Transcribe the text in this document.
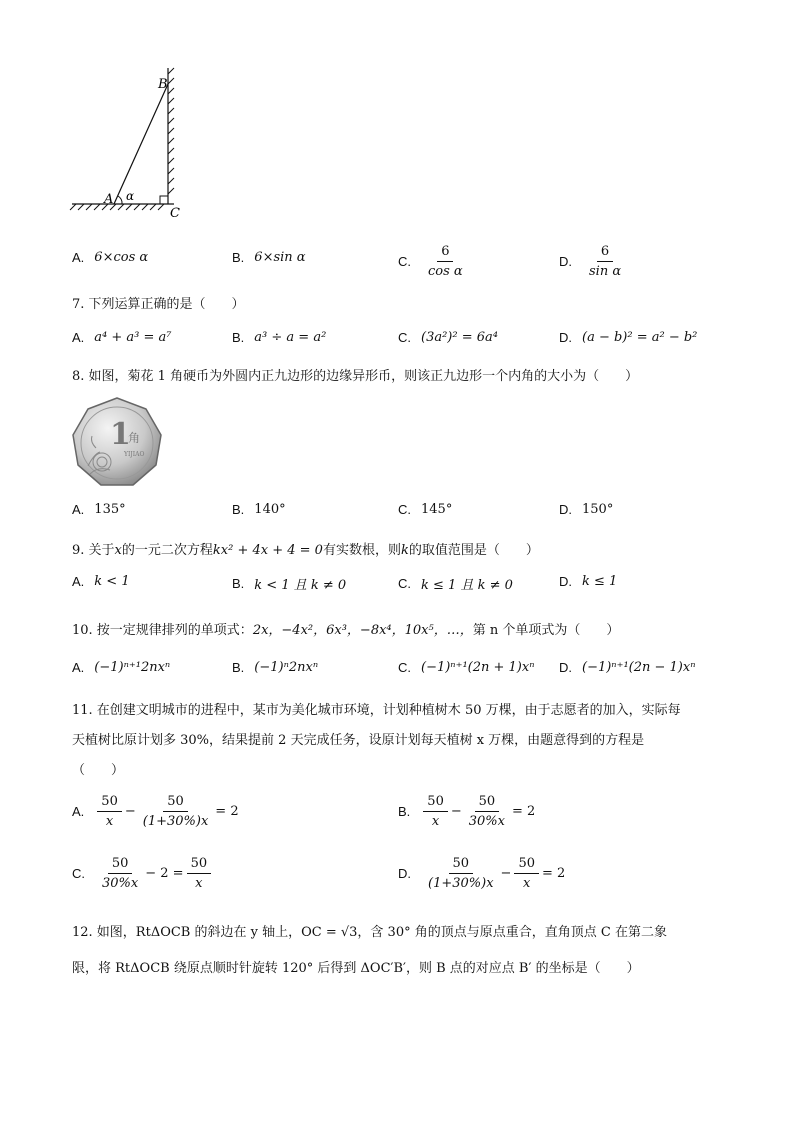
B
A
C
α
A. 6×cos α	B. 6×sin α	C. $\frac{6}{\text{cos α}}$	D. $\frac{6}{\text{sin α}}$
7. 下列运算正确的是（　　）
A. a⁴ + a³ = a⁷	B. a³ ÷ a = a²	C. (3a²)² = 6a⁴	D. (a − b)² = a² − b²
8. 如图，菊花 1 角硬币为外圆内正九边形的边缘异形币，则该正九边形一个内角的大小为（　　）
1
角
YIJIAO
A. 135°	B. 140°	C. 145°	D. 150°
9. 关于x的一元二次方程kx² + 4x + 4 = 0有实数根，则k的取值范围是（　　）
A. k < 1	B. k < 1 且 k ≠ 0	C. k ≤ 1 且 k ≠ 0	D. k ≤ 1
10. 按一定规律排列的单项式：2x，−4x²，6x³，−8x⁴，10x⁵，…，第 n 个单项式为（　　）
A. (−1)ⁿ⁺¹2nxⁿ	B. (−1)ⁿ2nxⁿ	C. (−1)ⁿ⁺¹(2n + 1)xⁿ D. (−1)ⁿ⁺¹(2n − 1)xⁿ
11. 在创建文明城市的进程中，某市为美化城市环境，计划种植树木 50 万棵，由于志愿者的加入，实际每
天植树比原计划多 30%，结果提前 2 天完成任务，设原计划每天植树 x 万棵，由题意得到的方程是
（　　）
A. $\frac{50}{x} - \frac{50}{(1+30\%)x} = 2$	B. $\frac{50}{x} - \frac{50}{30\%x} = 2$
C. $\frac{50}{30\%x} - 2 = \frac{50}{x}$	D. $\frac{50}{(1+30\%)x} - \frac{50}{x} = 2$
12. 如图，RtΔOCB 的斜边在 y 轴上，OC = √3，含 30° 角的顶点与原点重合，直角顶点 C 在第二象
限，将 RtΔOCB 绕原点顺时针旋转 120° 后得到 ΔOC′B′，则 B 点的对应点 B′ 的坐标是（　　）
